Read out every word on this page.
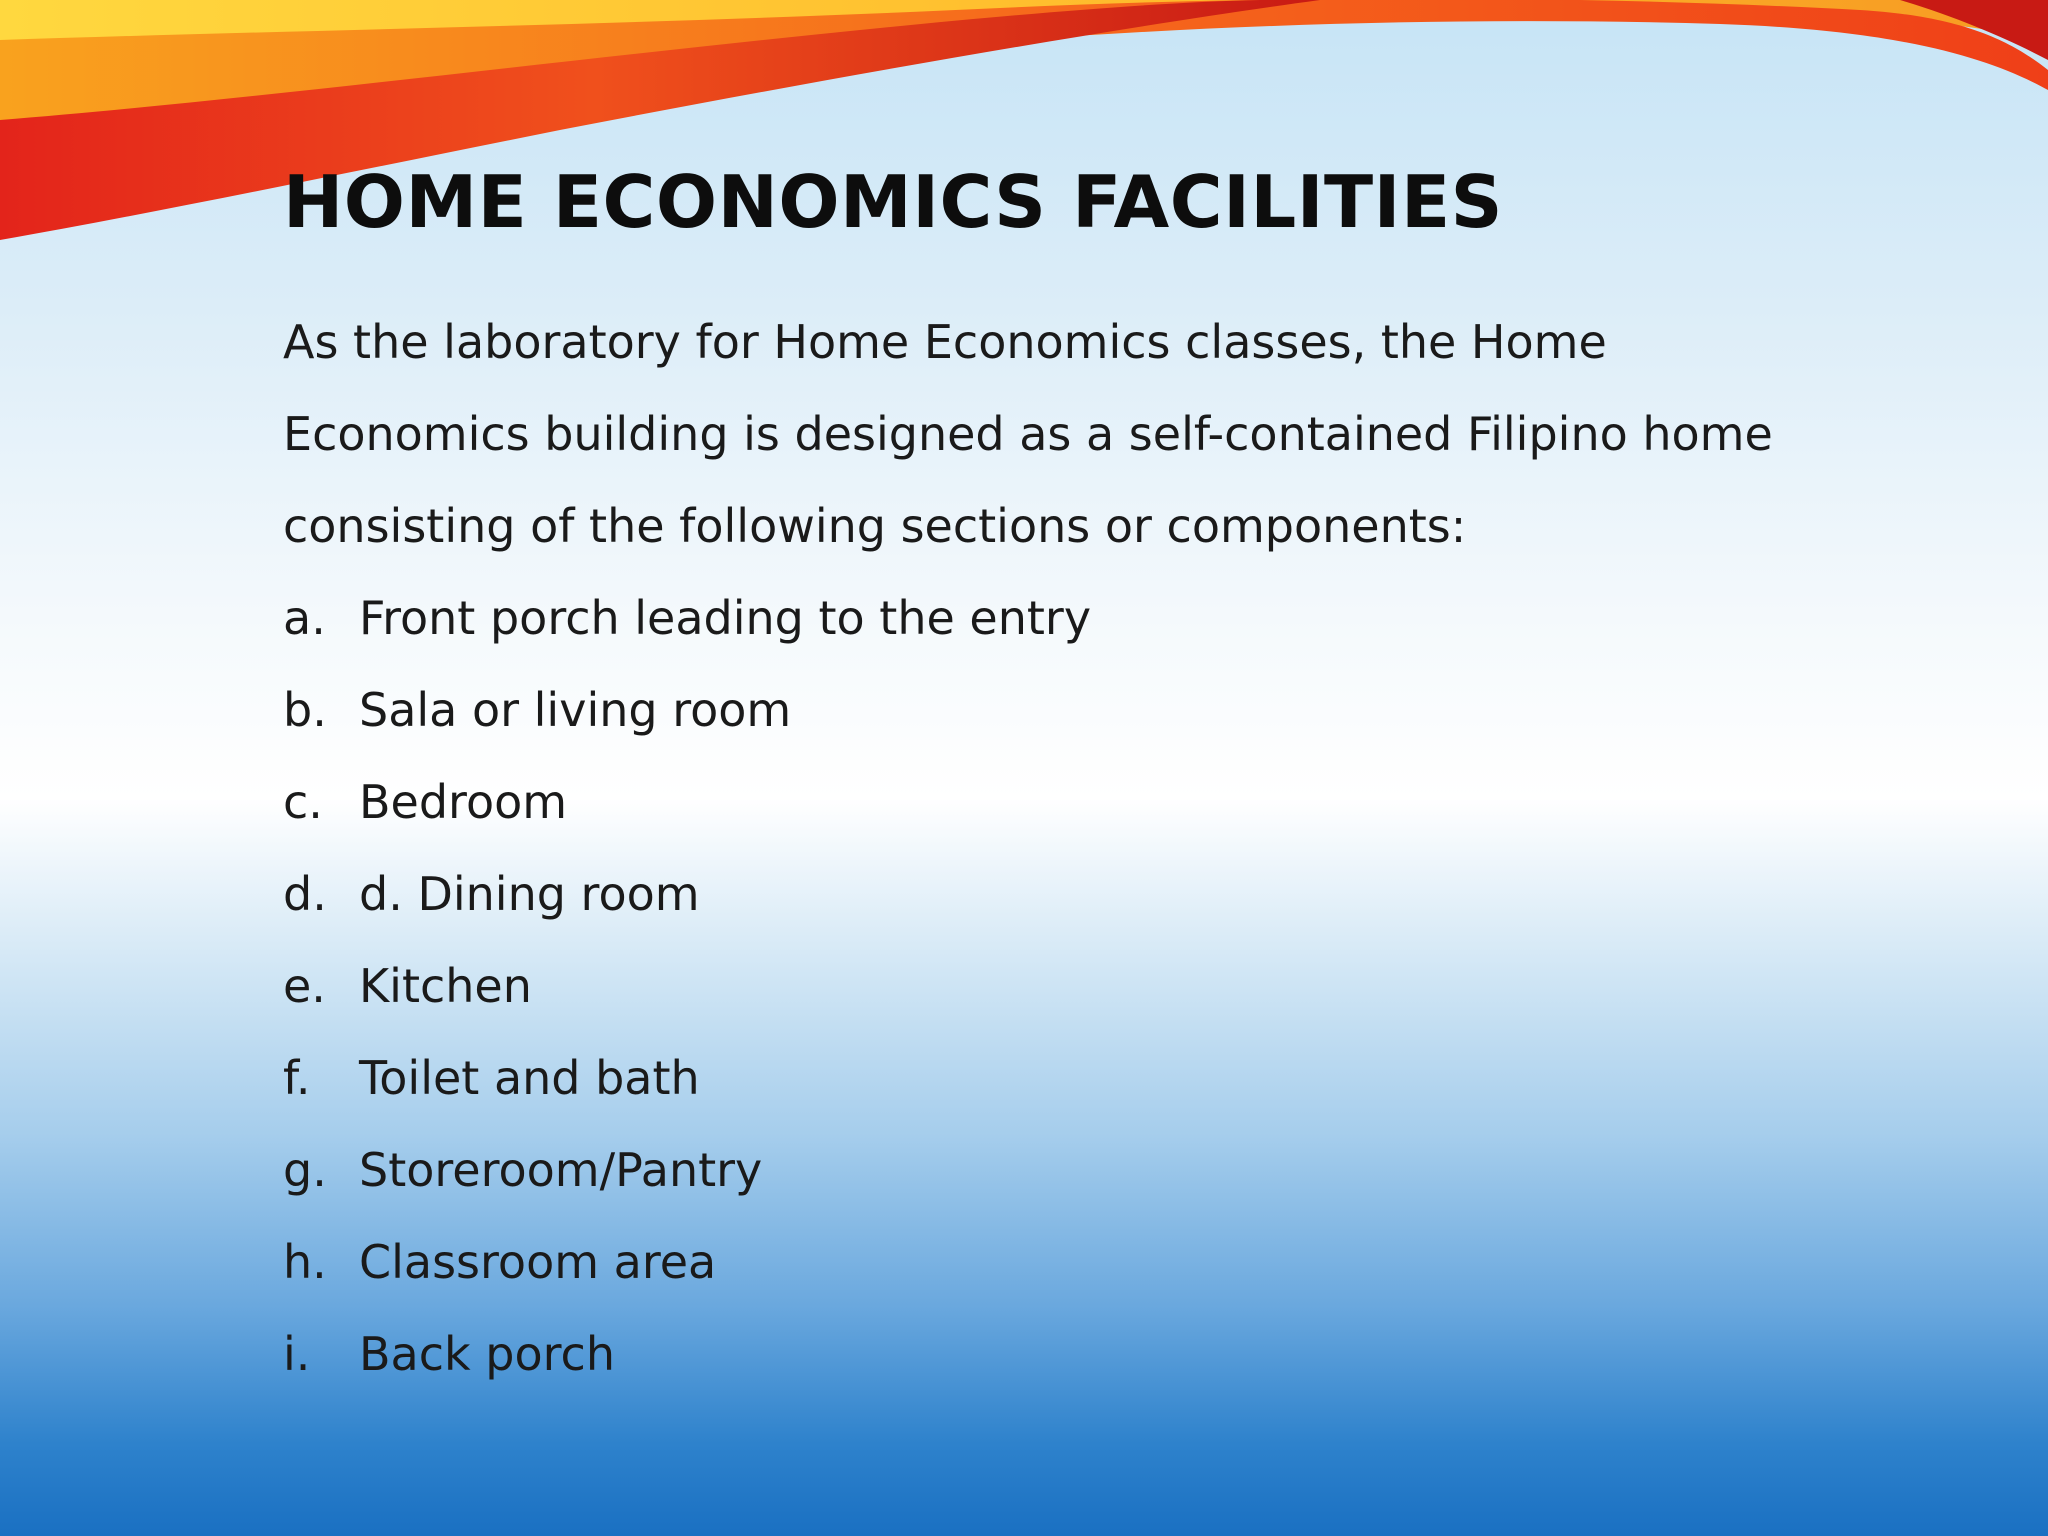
HOME ECONOMICS FACILITIES

As the laboratory for Home Economics classes, the Home

Economics building is designed as a self-contained Filipino home

consisting of the following sections or components:

a. Front porch leading to the entry
b. Sala or living room
c. Bedroom
d. d. Dining room
e. Kitchen
f.	Toilet and bath
g. Storeroom/Pantry
h. Classroom area
i.	Back porch
